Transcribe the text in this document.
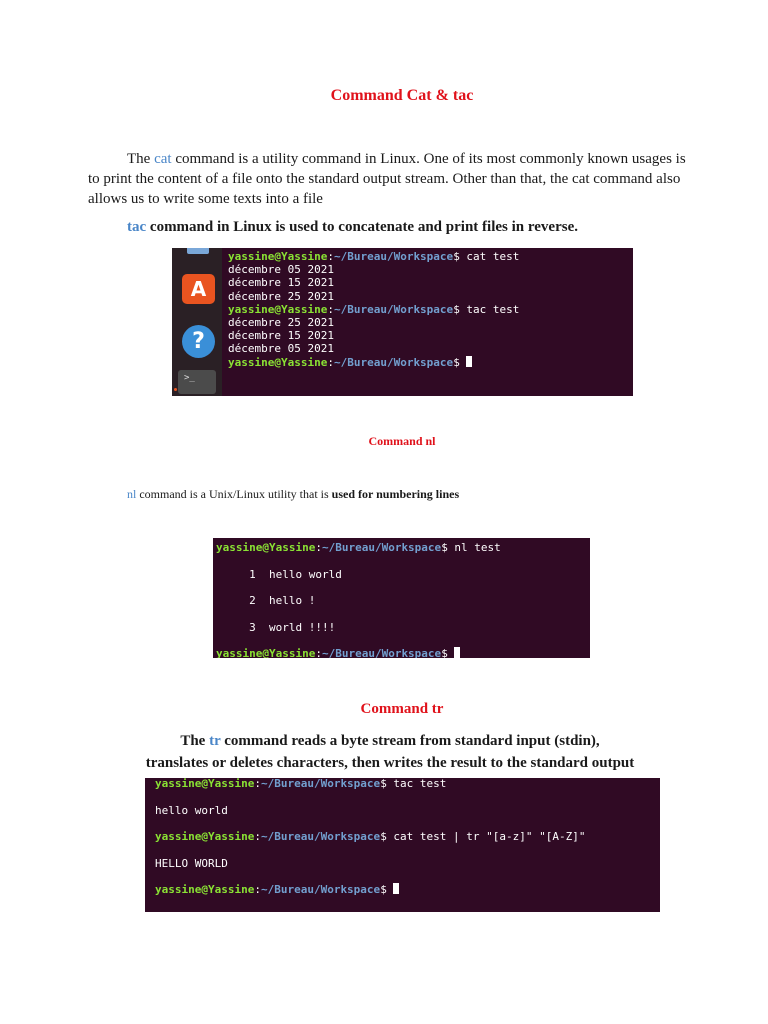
Command Cat & tac
The cat command is a utility command in Linux. One of its most commonly known usages is to print the content of a file onto the standard output stream. Other than that, the cat command also allows us to write some texts into a file
tac command in Linux is used to concatenate and print files in reverse.
A
?
>_
yassine@Yassine:~/Bureau/Workspace$ cat test
décembre 05 2021
décembre 15 2021
décembre 25 2021
yassine@Yassine:~/Bureau/Workspace$ tac test
décembre 25 2021
décembre 15 2021
décembre 05 2021
yassine@Yassine:~/Bureau/Workspace$
Command nl
nl command is a Unix/Linux utility that is used for numbering lines
yassine@Yassine:~/Bureau/Workspace$ nl test
1  hello world
2  hello !
3  world !!!!
yassine@Yassine:~/Bureau/Workspace$
Command tr
The tr command reads a byte stream from standard input (stdin),
translates or deletes characters, then writes the result to the standard output
yassine@Yassine:~/Bureau/Workspace$ tac test
hello world
yassine@Yassine:~/Bureau/Workspace$ cat test | tr "[a-z]" "[A-Z]"
HELLO WORLD
yassine@Yassine:~/Bureau/Workspace$
